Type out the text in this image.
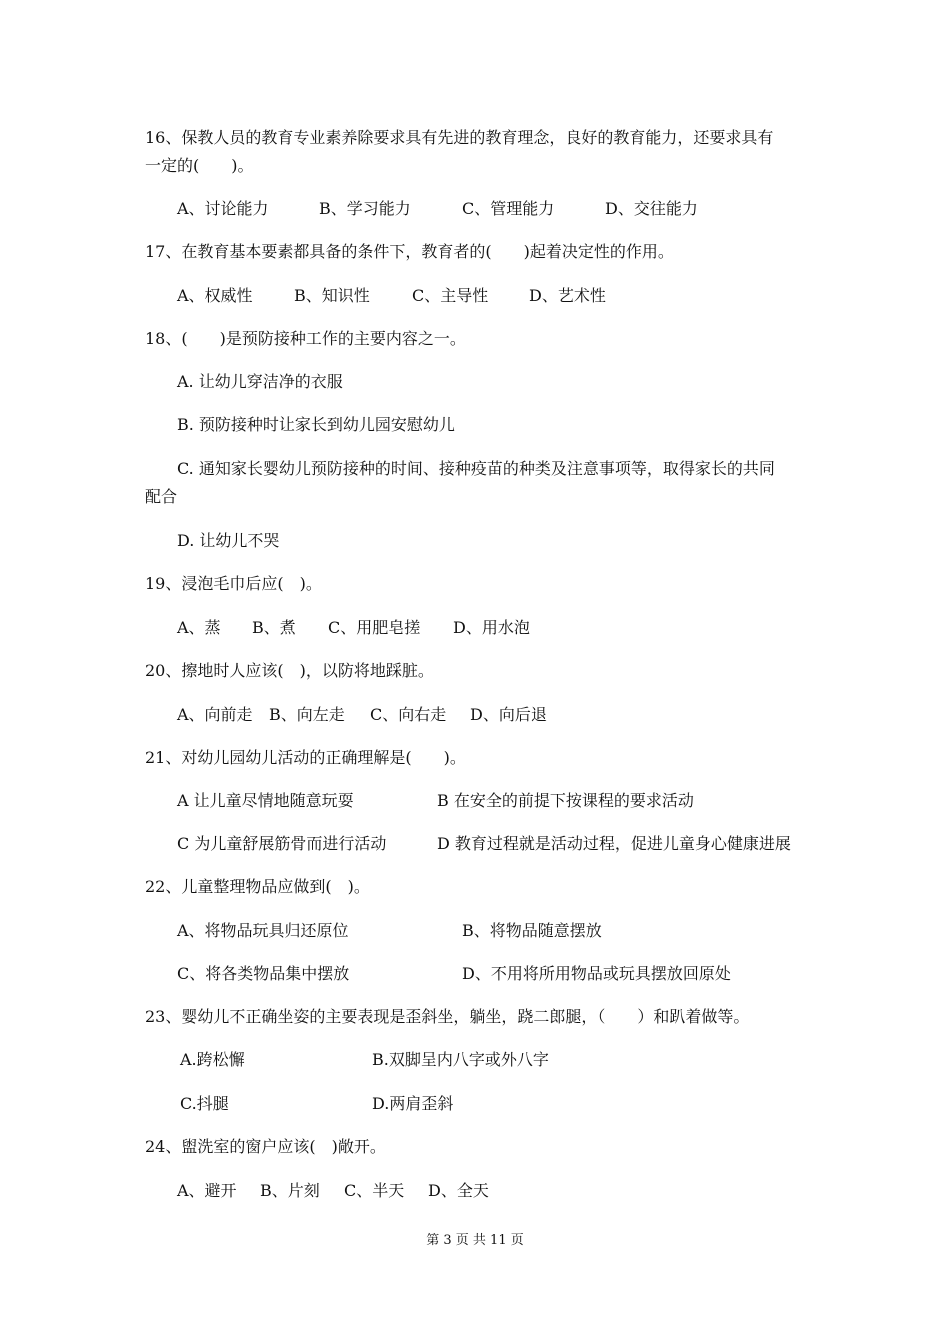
16、保教人员的教育专业素养除要求具有先进的教育理念，良好的教育能力，还要求具有
一定的(　　)。
A、讨论能力	B、学习能力	C、管理能力	D、交往能力
17、在教育基本要素都具备的条件下，教育者的(　　)起着决定性的作用。
A、权威性	B、知识性	C、主导性	D、艺术性
18、(　　)是预防接种工作的主要内容之一。
A. 让幼儿穿洁净的衣服
B. 预防接种时让家长到幼儿园安慰幼儿
C. 通知家长婴幼儿预防接种的时间、接种疫苗的种类及注意事项等，取得家长的共同
配合
D. 让幼儿不哭
19、浸泡毛巾后应(　)。
A、蒸 B、煮 C、用肥皂搓 D、用水泡
20、擦地时人应该(　)，以防将地踩脏。
A、向前走 B、向左走 C、向右走 D、向后退
21、对幼儿园幼儿活动的正确理解是(　　)。
A 让儿童尽情地随意玩耍	B 在安全的前提下按课程的要求活动
C 为儿童舒展筋骨而进行活动	D 教育过程就是活动过程，促进儿童身心健康进展
22、儿童整理物品应做到(　)。
A、将物品玩具归还原位	B、将物品随意摆放
C、将各类物品集中摆放	D、不用将所用物品或玩具摆放回原处
23、婴幼儿不正确坐姿的主要表现是歪斜坐，躺坐，跷二郎腿，（　　）和趴着做等。
A.跨松懈	B.双脚呈内八字或外八字
C.抖腿	D.两肩歪斜
24、盥洗室的窗户应该(　)敞开。
A、避开 B、片刻 C、半天 D、全天
第 3 页 共 11 页
